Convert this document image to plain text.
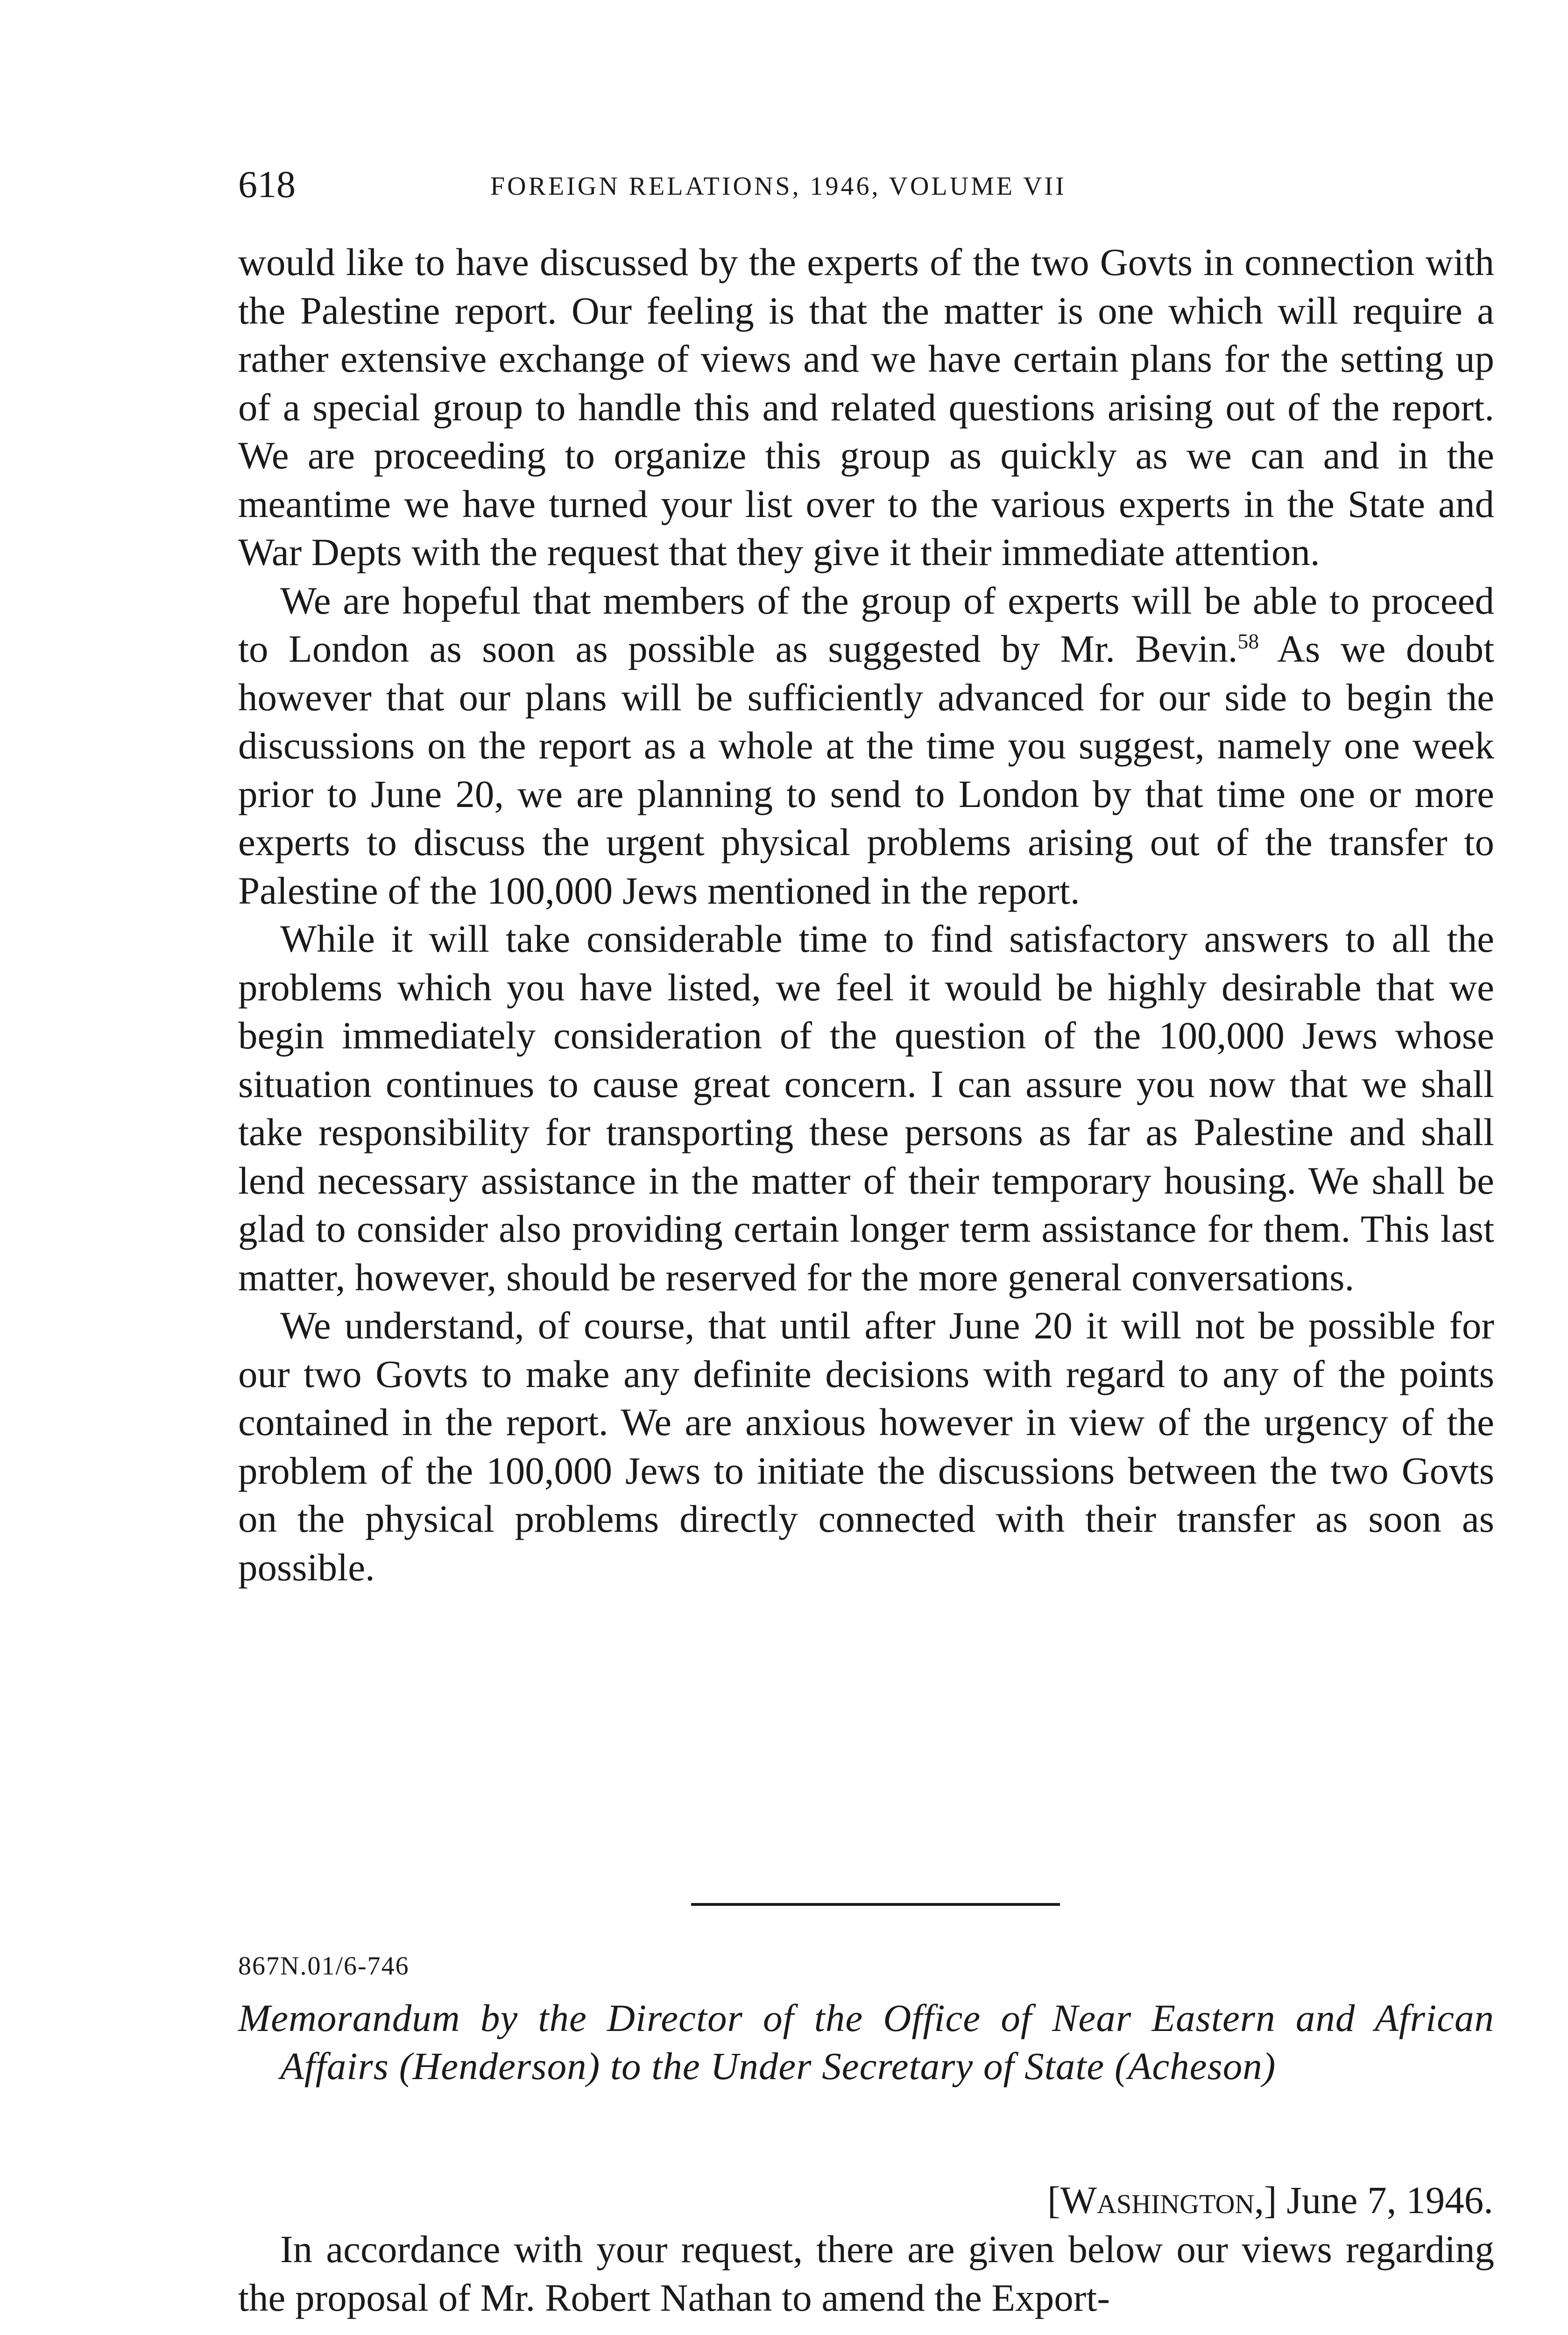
618	FOREIGN RELATIONS, 1946, VOLUME VII

would like to have discussed by the experts of the two Govts in connection with the Palestine report. Our feeling is that the matter is one which will require a rather extensive exchange of views and we have certain plans for the setting up of a special group to handle this and related questions arising out of the report. We are proceeding to organize this group as quickly as we can and in the meantime we have turned your list over to the various experts in the State and War Depts with the request that they give it their immediate attention.

We are hopeful that members of the group of experts will be able to proceed to London as soon as possible as suggested by Mr. Bevin.$^{58}$ As we doubt however that our plans will be sufficiently advanced for our side to begin the discussions on the report as a whole at the time you suggest, namely one week prior to June 20, we are planning to send to London by that time one or more experts to discuss the urgent physical problems arising out of the transfer to Palestine of the 100,000 Jews mentioned in the report.

While it will take considerable time to find satisfactory answers to all the problems which you have listed, we feel it would be highly desirable that we begin immediately consideration of the question of the 100,000 Jews whose situation continues to cause great concern. I can assure you now that we shall take responsibility for transporting these persons as far as Palestine and shall lend necessary assistance in the matter of their temporary housing. We shall be glad to consider also providing certain longer term assistance for them. This last matter, however, should be reserved for the more general conversations.

We understand, of course, that until after June 20 it will not be possible for our two Govts to make any definite decisions with regard to any of the points contained in the report. We are anxious however in view of the urgency of the problem of the 100,000 Jews to initiate the discussions between the two Govts on the physical problems directly connected with their transfer as soon as possible.

867N.01/6-746
Memorandum by the Director of the Office of Near Eastern and African Affairs (Henderson) to the Under Secretary of State (Acheson)
[Washington,] June 7, 1946.

In accordance with your request, there are given below our views regarding the proposal of Mr. Robert Nathan to amend the Export-
